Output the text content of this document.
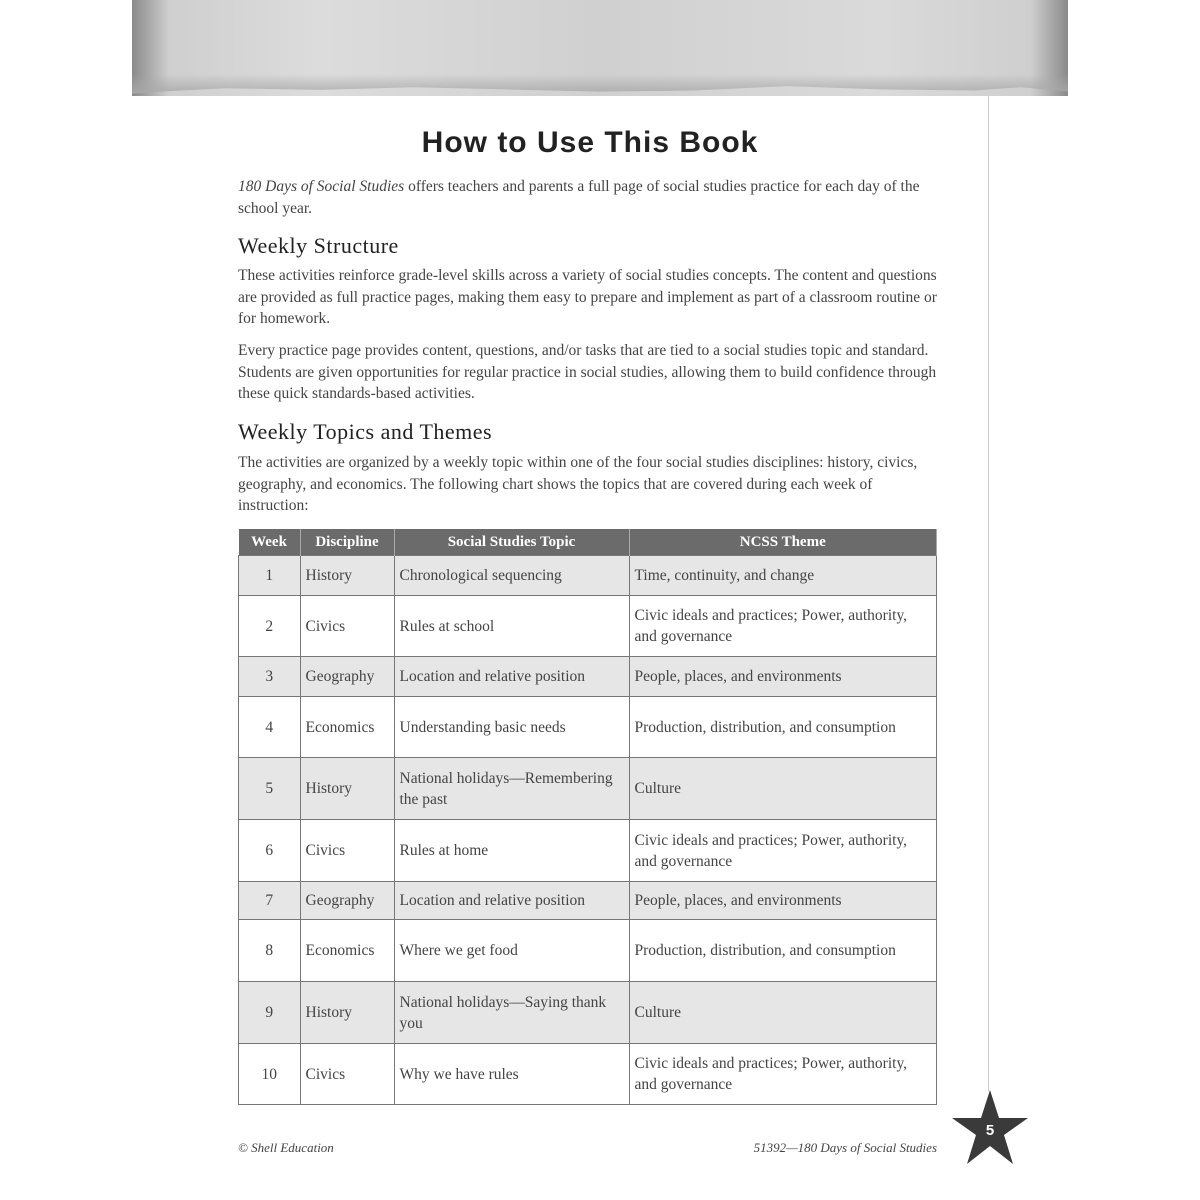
How to Use This Book

180 Days of Social Studies offers teachers and parents a full page of social studies practice for each day of the school year.

Weekly Structure

These activities reinforce grade-level skills across a variety of social studies concepts. The content and questions are provided as full practice pages, making them easy to prepare and implement as part of a classroom routine or for homework.

Every practice page provides content, questions, and/or tasks that are tied to a social studies topic and standard. Students are given opportunities for regular practice in social studies, allowing them to build confidence through these quick standards-based activities.

Weekly Topics and Themes

The activities are organized by a weekly topic within one of the four social studies disciplines: history, civics, geography, and economics. The following chart shows the topics that are covered during each week of instruction:

Week	Discipline	Social Studies Topic	NCSS Theme
1	History	Chronological sequencing	Time, continuity, and change
2	Civics	Rules at school	Civic ideals and practices; Power, authority, and governance
3	Geography	Location and relative position	People, places, and environments
4	Economics	Understanding basic needs	Production, distribution, and consumption
5	History	National holidays—Remembering the past	Culture
6	Civics	Rules at home	Civic ideals and practices; Power, authority, and governance
7	Geography	Location and relative position	People, places, and environments
8	Economics	Where we get food	Production, distribution, and consumption
9	History	National holidays—Saying thank you	Culture
10	Civics	Why we have rules	Civic ideals and practices; Power, authority, and governance
© Shell Education	51392—180 Days of Social Studies
5
